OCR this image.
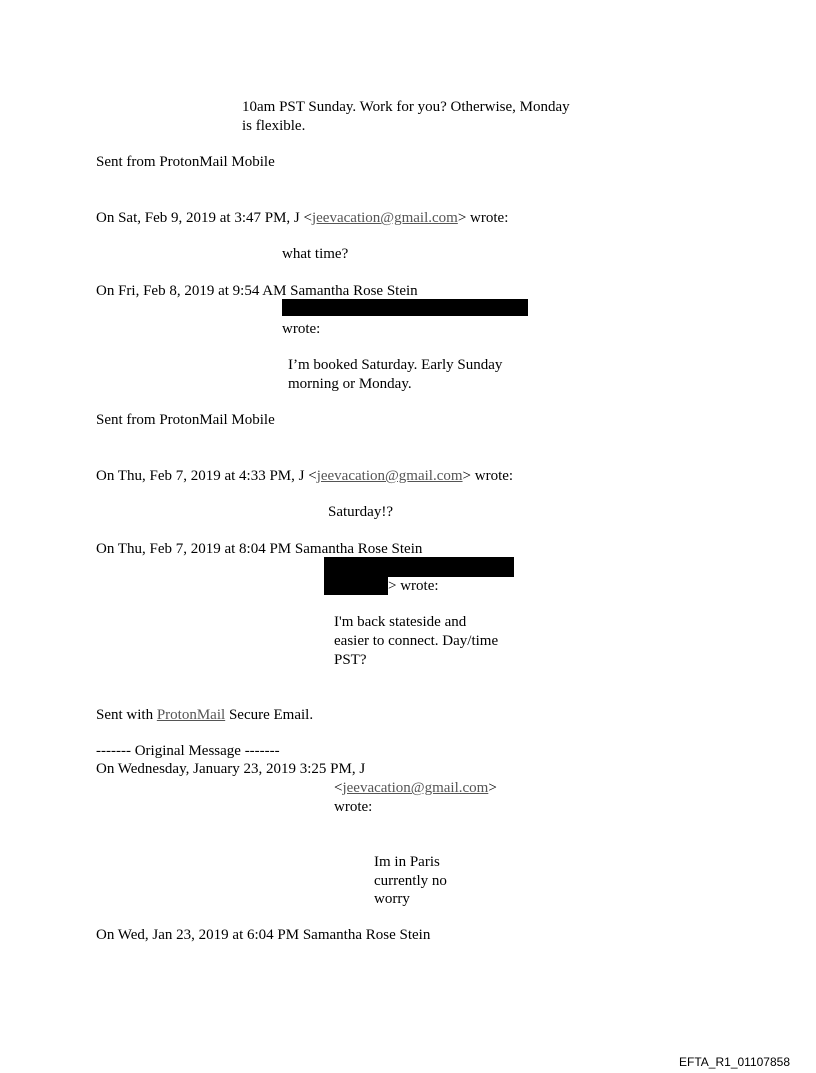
10am PST Sunday. Work for you? Otherwise, Monday
is flexible.
Sent from ProtonMail Mobile
On Sat, Feb 9, 2019 at 3:47 PM, J <jeevacation@gmail.com> wrote:
what time?
On Fri, Feb 8, 2019 at 9:54 AM Samantha Rose Stein
wrote:
I’m booked Saturday. Early Sunday
morning or Monday.
Sent from ProtonMail Mobile
On Thu, Feb 7, 2019 at 4:33 PM, J <jeevacation@gmail.com> wrote:
Saturday!?
On Thu, Feb 7, 2019 at 8:04 PM Samantha Rose Stein
> wrote:
I'm back stateside and
easier to connect. Day/time
PST?
Sent with ProtonMail Secure Email.
------- Original Message -------
On Wednesday, January 23, 2019 3:25 PM, J
<jeevacation@gmail.com>
wrote:
Im in Paris
currently no
worry
On Wed, Jan 23, 2019 at 6:04 PM Samantha Rose Stein
EFTA_R1_01107858
